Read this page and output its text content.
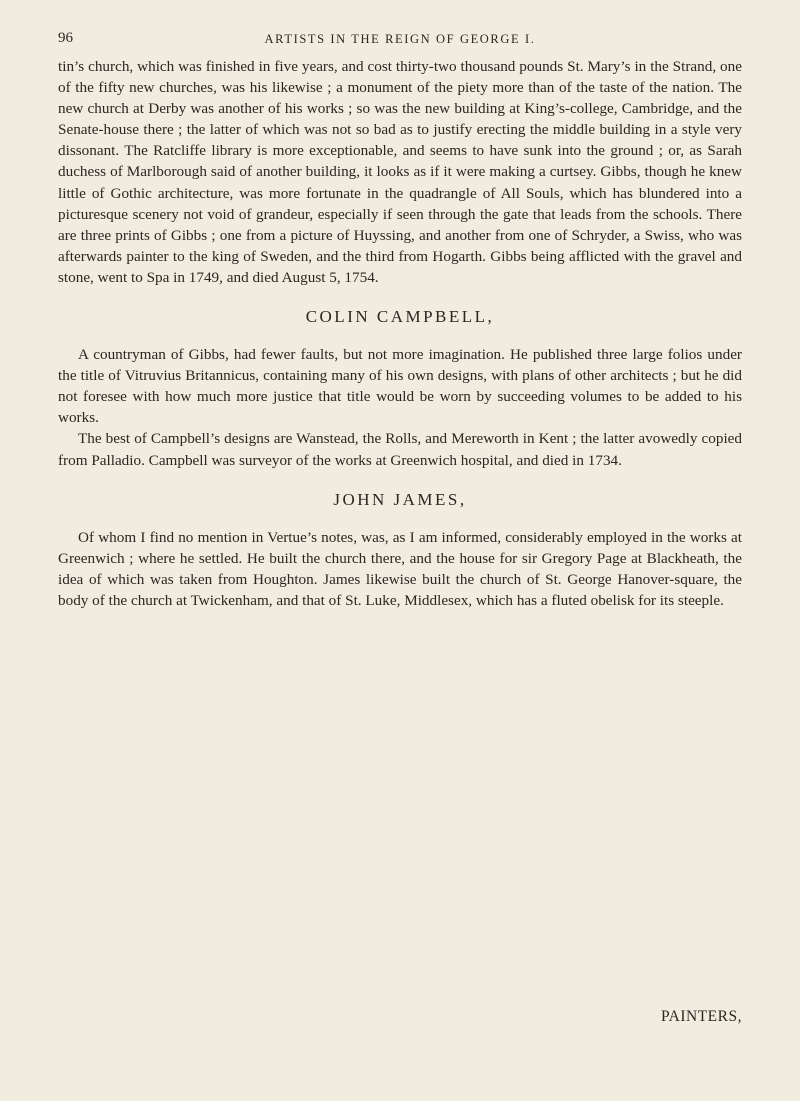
96	ARTISTS IN THE REIGN OF GEORGE I.

tin’s church, which was finished in five years, and cost thirty-two thousand pounds St. Mary’s in the Strand, one of the fifty new churches, was his likewise ; a monument of the piety more than of the taste of the nation. The new church at Derby was another of his works ; so was the new building at King’s-college, Cambridge, and the Senate-house there ; the latter of which was not so bad as to justify erecting the middle building in a style very dissonant. The Ratcliffe library is more exceptionable, and seems to have sunk into the ground ; or, as Sarah duchess of Marlborough said of another building, it looks as if it were making a curtsey. Gibbs, though he knew little of Gothic architecture, was more fortunate in the quadrangle of All Souls, which has blundered into a picturesque scenery not void of grandeur, especially if seen through the gate that leads from the schools. There are three prints of Gibbs ; one from a picture of Huyssing, and another from one of Schryder, a Swiss, who was afterwards painter to the king of Sweden, and the third from Hogarth. Gibbs being afflicted with the gravel and stone, went to Spa in 1749, and died August 5, 1754.

COLIN CAMPBELL,

A countryman of Gibbs, had fewer faults, but not more imagination. He published three large folios under the title of Vitruvius Britannicus, containing many of his own designs, with plans of other architects ; but he did not foresee with how much more justice that title would be worn by succeeding volumes to be added to his works.

The best of Campbell’s designs are Wanstead, the Rolls, and Mereworth in Kent ; the latter avowedly copied from Palladio. Campbell was surveyor of the works at Greenwich hospital, and died in 1734.

JOHN JAMES,

Of whom I find no mention in Vertue’s notes, was, as I am informed, considerably employed in the works at Greenwich ; where he settled. He built the church there, and the house for sir Gregory Page at Blackheath, the idea of which was taken from Houghton. James likewise built the church of St. George Hanover-square, the body of the church at Twickenham, and that of St. Luke, Middlesex, which has a fluted obelisk for its steeple.

PAINTERS,
